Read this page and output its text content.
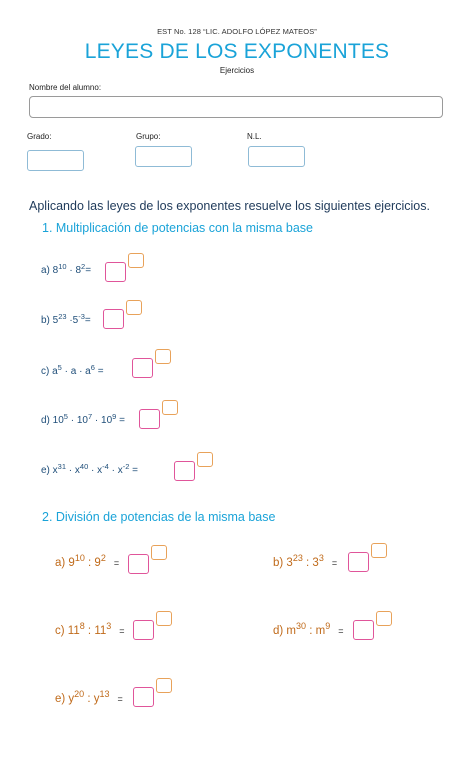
EST No. 128 “LIC. ADOLFO LÓPEZ MATEOS”
LEYES DE LOS EXPONENTES
Ejercicios
Nombre del alumno:
Grado:	Grupo:	N.L.
Aplicando las leyes de los exponentes resuelve los siguientes ejercicios.
1. Multiplicación de potencias con la misma base
a) $8^{10} \cdot 8^2=$
b) $5^{23} \cdot 5^{-3}=$
c) $a^5 \cdot a \cdot a^6$ =
d) $10^5 \cdot 10^7 \cdot 10^9$ =
e) $x^{31} \cdot x^{40} \cdot x^{-4} \cdot x^{-2}$ =
2. División de potencias de la misma base
a) $9^{10}$ : $9^2$ =	b) $3^{23}$ : $3^3$ =
c) $11^8$ : $11^3$ =	d) $m^{30}$ : $m^9$ =
e) $y^{20}$ : $y^{13}$ =
